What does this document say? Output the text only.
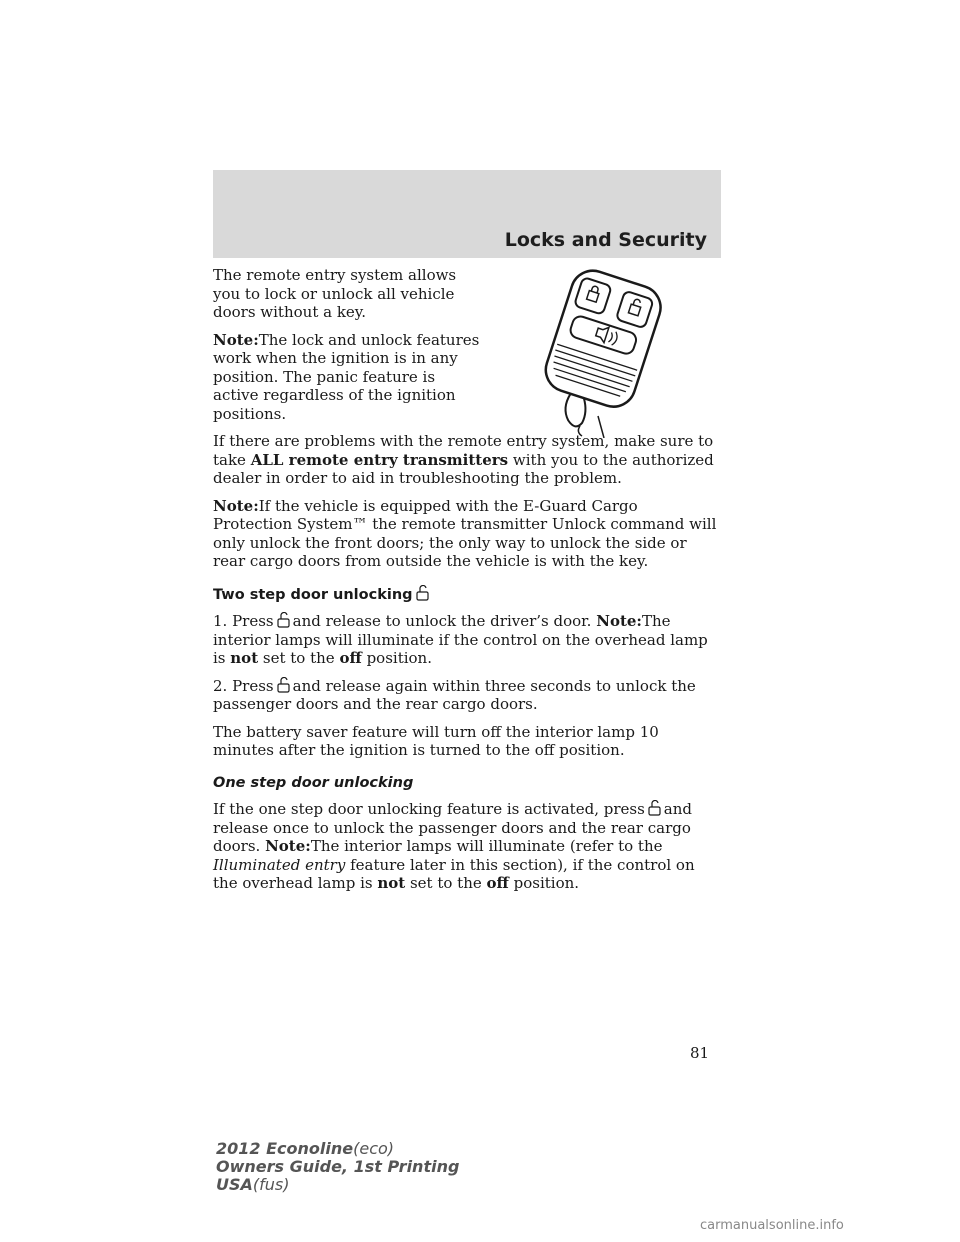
Locks and Security

The remote entry system allows you to lock or unlock all vehicle doors without a key.

Note:The lock and unlock features work when the ignition is in any position. The panic feature is active regardless of the ignition positions.

If there are problems with the remote entry system, make sure to take ALL remote entry transmitters with you to the authorized dealer in order to aid in troubleshooting the problem.

Note:If the vehicle is equipped with the E-Guard Cargo Protection System™ the remote transmitter Unlock command will only unlock the front doors; the only way to unlock the side or rear cargo doors from outside the vehicle is with the key.

Two step door unlocking

1. Press and release to unlock the driver’s door. Note:The interior lamps will illuminate if the control on the overhead lamp is not set to the off position.

2. Press and release again within three seconds to unlock the passenger doors and the rear cargo doors.

The battery saver feature will turn off the interior lamp 10 minutes after the ignition is turned to the off position.

One step door unlocking

If the one step door unlocking feature is activated, press and release once to unlock the passenger doors and the rear cargo doors. Note:The interior lamps will illuminate (refer to the Illuminated entry feature later in this section), if the control on the overhead lamp is not set to the off position.

81
2012 Econoline(eco)
Owners Guide, 1st Printing
USA(fus)
carmanualsonline.info
